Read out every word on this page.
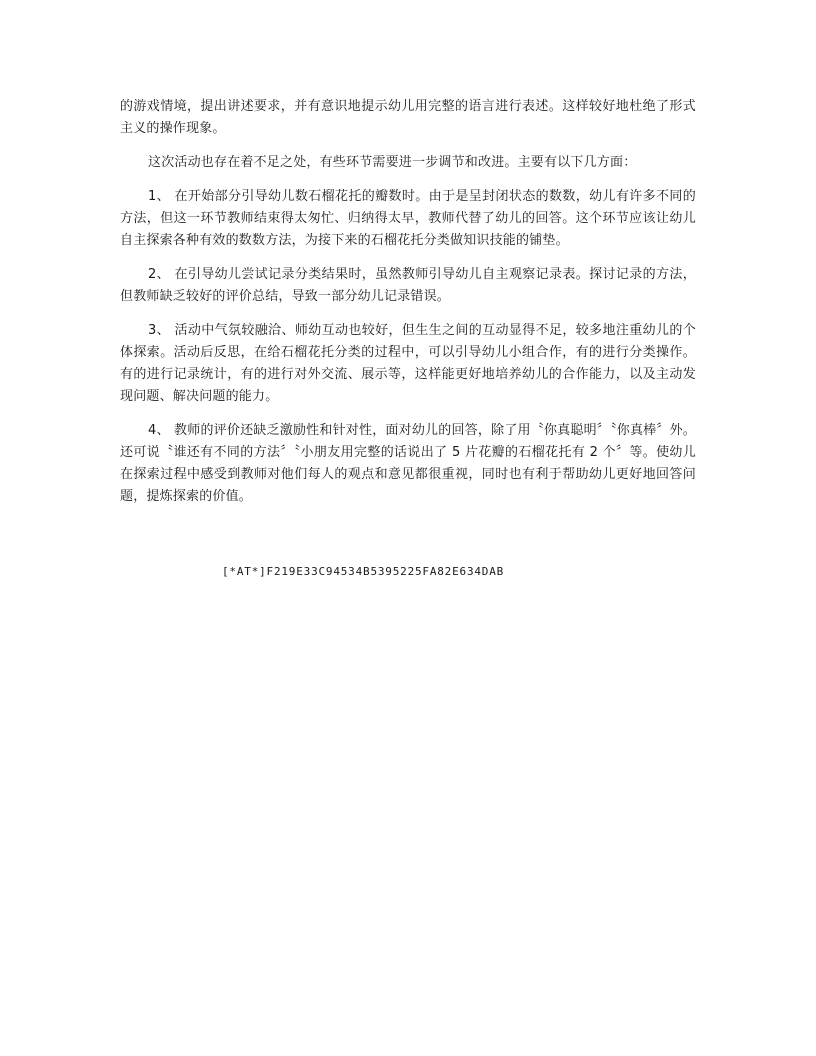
的游戏情境，提出讲述要求，并有意识地提示幼儿用完整的语言进行表述。这样较好地杜绝了形式主义的操作现象。

这次活动也存在着不足之处，有些环节需要进一步调节和改进。主要有以下几方面：

1、 在开始部分引导幼儿数石榴花托的瓣数时。由于是呈封闭状态的数数，幼儿有许多不同的方法，但这一环节教师结束得太匆忙、归纳得太早，教师代替了幼儿的回答。这个环节应该让幼儿自主探索各种有效的数数方法，为接下来的石榴花托分类做知识技能的铺垫。

2、 在引导幼儿尝试记录分类结果时，虽然教师引导幼儿自主观察记录表。探讨记录的方法，但教师缺乏较好的评价总结，导致一部分幼儿记录错误。

3、 活动中气氛较融洽、师幼互动也较好，但生生之间的互动显得不足，较多地注重幼儿的个体探索。活动后反思，在给石榴花托分类的过程中，可以引导幼儿小组合作，有的进行分类操作。有的进行记录统计，有的进行对外交流、展示等，这样能更好地培养幼儿的合作能力，以及主动发现问题、解决问题的能力。

4、 教师的评价还缺乏激励性和针对性，面对幼儿的回答，除了用〝你真聪明〞〝你真棒〞外。还可说〝谁还有不同的方法〞〝小朋友用完整的话说出了 5 片花瓣的石榴花托有 2 个〞等。使幼儿在探索过程中感受到教师对他们每人的观点和意见都很重视，同时也有利于帮助幼儿更好地回答问题，提炼探索的价值。

[*AT*]F219E33C94534B5395225FA82E634DAB
